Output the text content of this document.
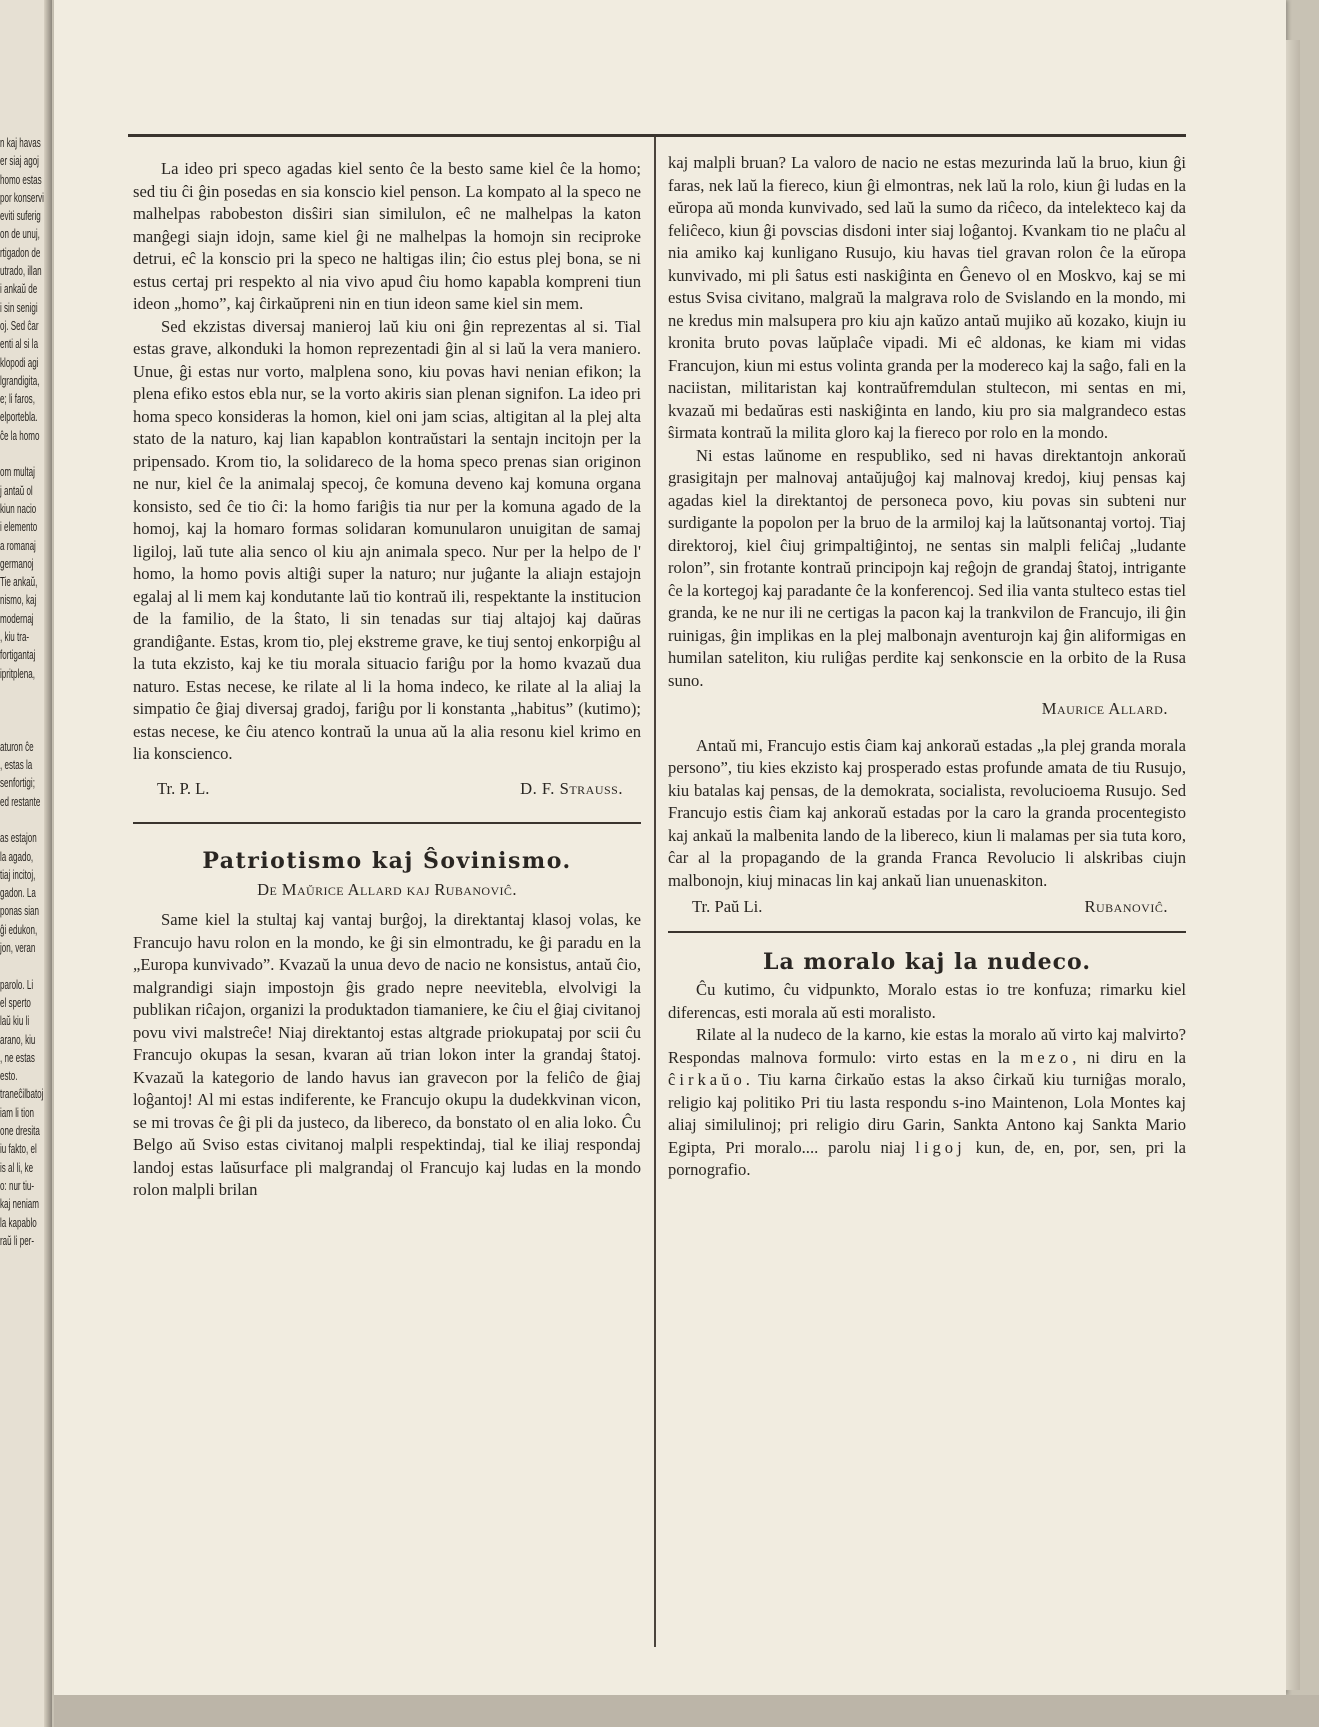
n kaj havas
er siaj agoj
homo estas
por konservi
eviti suferig
on de unuj,
rtigadon de
utrado, illan
i ankaŭ de
i sin senigi
oj. Sed ĉar
enti al si la
klopodi agi
lgrandigita,
e; li faros,
elportebla.
ĉe la homo

om multaj
j antaŭ ol
kiun nacio
i elemento
a romanaj
germanoj
Tie ankaŭ,
nismo, kaj
modernaj
, kiu tra-
fortigantaj
ipritplena,

aturon ĉe
, estas la
senfortigi;
ed restante

as estajon
la agado,
tiaj incitoj,
gadon. La
ponas sian
ĝi edukon,
jon, veran

parolo. Li
el sperto
laŭ kiu li
arano, kiu
, ne estas
esto.
traneĉilbatoj
iam li tion
one dresita
iu fakto, el
is al li, ke
o: nur tiu-
kaj neniam
la kapablo
raŭ li per-

La ideo pri speco agadas kiel sento ĉe la besto same kiel ĉe la homo; sed tiu ĉi ĝin posedas en sia konscio kiel penson. La kompato al la speco ne malhelpas rabobeston disŝiri sian similulon, eĉ ne malhelpas la katon manĝegi siajn idojn, same kiel ĝi ne malhelpas la homojn sin reciproke detrui, eĉ la konscio pri la speco ne haltigas ilin; ĉio estus plej bona, se ni estus certaj pri respekto al nia vivo apud ĉiu homo kapabla kompreni tiun ideon „homo”, kaj ĉirkaŭpreni nin en tiun ideon same kiel sin mem.

Sed ekzistas diversaj manieroj laŭ kiu oni ĝin reprezentas al si. Tial estas grave, alkonduki la homon reprezentadi ĝin al si laŭ la vera maniero. Unue, ĝi estas nur vorto, malplena sono, kiu povas havi nenian efikon; la plena efiko estos ebla nur, se la vorto akiris sian plenan signifon. La ideo pri homa speco konsideras la homon, kiel oni jam scias, altigitan al la plej alta stato de la naturo, kaj lian kapablon kontraŭstari la sentajn incitojn per la pripensado. Krom tio, la solidareco de la homa speco prenas sian originon ne nur, kiel ĉe la animalaj specoj, ĉe komuna deveno kaj komuna organa konsisto, sed ĉe tio ĉi: la homo fariĝis tia nur per la komuna agado de la homoj, kaj la homaro formas solidaran komunularon unuigitan de samaj ligiloj, laŭ tute alia senco ol kiu ajn animala speco. Nur per la helpo de l' homo, la homo povis altiĝi super la naturo; nur juĝante la aliajn estajojn egalaj al li mem kaj kondutante laŭ tio kontraŭ ili, respektante la institucion de la familio, de la ŝtato, li sin tenadas sur tiaj altajoj kaj daŭras grandiĝante. Estas, krom tio, plej ekstreme grave, ke tiuj sentoj enkorpiĝu al la tuta ekzisto, kaj ke tiu morala situacio fariĝu por la homo kvazaŭ dua naturo. Estas necese, ke rilate al li la homa indeco, ke rilate al la aliaj la simpatio ĉe ĝiaj diversaj gradoj, fariĝu por li konstanta „habitus” (kutimo); estas necese, ke ĉiu atenco kontraŭ la unua aŭ la alia resonu kiel krimo en lia konscienco.

Tr. P. L.	D. F. Strauss.
Patriotismo kaj Ŝovinismo.
De Maŭrice Allard kaj Rubanoviĉ.

Same kiel la stultaj kaj vantaj burĝoj, la direktantaj klasoj volas, ke Francujo havu rolon en la mondo, ke ĝi sin elmontradu, ke ĝi paradu en la „Europa kunvivado”. Kvazaŭ la unua devo de nacio ne konsistus, antaŭ ĉio, malgrandigi siajn impostojn ĝis grado nepre neevitebla, elvolvigi la publikan riĉajon, organizi la produktadon tiamaniere, ke ĉiu el ĝiaj civitanoj povu vivi malstreĉe! Niaj direktantoj estas altgrade priokupataj por scii ĉu Francujo okupas la sesan, kvaran aŭ trian lokon inter la grandaj ŝtatoj. Kvazaŭ la kategorio de lando havus ian gravecon por la feliĉo de ĝiaj loĝantoj! Al mi estas indiferente, ke Francujo okupu la dudekkvinan vicon, se mi trovas ĉe ĝi pli da justeco, da libereco, da bonstato ol en alia loko. Ĉu Belgo aŭ Sviso estas civitanoj malpli respektindaj, tial ke iliaj respondaj landoj estas laŭsurface pli malgrandaj ol Francujo kaj ludas en la mondo rolon malpli brilan

kaj malpli bruan? La valoro de nacio ne estas mezurinda laŭ la bruo, kiun ĝi faras, nek laŭ la fiereco, kiun ĝi elmontras, nek laŭ la rolo, kiun ĝi ludas en la eŭropa aŭ monda kunvivado, sed laŭ la sumo da riĉeco, da intelekteco kaj da feliĉeco, kiun ĝi povscias disdoni inter siaj loĝantoj. Kvankam tio ne plaĉu al nia amiko kaj kunligano Rusujo, kiu havas tiel gravan rolon ĉe la eŭropa kunvivado, mi pli ŝatus esti naskiĝinta en Ĝenevo ol en Moskvo, kaj se mi estus Svisa civitano, malgraŭ la malgrava rolo de Svislando en la mondo, mi ne kredus min malsupera pro kiu ajn kaŭzo antaŭ mujiko aŭ kozako, kiujn iu kronita bruto povas laŭplaĉe vipadi. Mi eĉ aldonas, ke kiam mi vidas Francujon, kiun mi estus volinta granda per la modereco kaj la saĝo, fali en la naciistan, militaristan kaj kontraŭfremdulan stultecon, mi sentas en mi, kvazaŭ mi bedaŭras esti naskiĝinta en lando, kiu pro sia malgrandeco estas ŝirmata kontraŭ la milita gloro kaj la fiereco por rolo en la mondo.

Ni estas laŭnome en respubliko, sed ni havas direktantojn ankoraŭ grasigitajn per malnovaj antaŭjuĝoj kaj malnovaj kredoj, kiuj pensas kaj agadas kiel la direktantoj de personeca povo, kiu povas sin subteni nur surdigante la popolon per la bruo de la armiloj kaj la laŭtsonantaj vortoj. Tiaj direktoroj, kiel ĉiuj grimpaltiĝintoj, ne sentas sin malpli feliĉaj „ludante rolon”, sin frotante kontraŭ principojn kaj reĝojn de grandaj ŝtatoj, intrigante ĉe la kortegoj kaj paradante ĉe la konferencoj. Sed ilia vanta stulteco estas tiel granda, ke ne nur ili ne certigas la pacon kaj la trankvilon de Francujo, ili ĝin ruinigas, ĝin implikas en la plej malbonajn aventurojn kaj ĝin aliformigas en humilan sateliton, kiu ruliĝas perdite kaj senkonscie en la orbito de la Rusa suno.

Maurice Allard.

Antaŭ mi, Francujo estis ĉiam kaj ankoraŭ estadas „la plej granda morala persono”, tiu kies ekzisto kaj prosperado estas profunde amata de tiu Rusujo, kiu batalas kaj pensas, de la demokrata, socialista, revolucioema Rusujo. Sed Francujo estis ĉiam kaj ankoraŭ estadas por la caro la granda procentegisto kaj ankaŭ la malbenita lando de la libereco, kiun li malamas per sia tuta koro, ĉar al la propagando de la granda Franca Revolucio li alskribas ciujn malbonojn, kiuj minacas lin kaj ankaŭ lian unuenaskiton.

Tr. Paŭ Li.	Rubanoviĉ.
La moralo kaj la nudeco.

Ĉu kutimo, ĉu vidpunkto, Moralo estas io tre konfuza; rimarku kiel diferencas, esti morala aŭ esti moralisto.

Rilate al la nudeco de la karno, kie estas la moralo aŭ virto kaj malvirto? Respondas malnova formulo: virto estas en la mezo, ni diru en la ĉirkaŭo. Tiu karna ĉirkaŭo estas la akso ĉirkaŭ kiu turniĝas moralo, religio kaj politiko Pri tiu lasta respondu s-ino Maintenon, Lola Montes kaj aliaj similulinoj; pri religio diru Garin, Sankta Antono kaj Sankta Mario Egipta, Pri moralo.... parolu niaj ligoj kun, de, en, por, sen, pri la pornografio.
